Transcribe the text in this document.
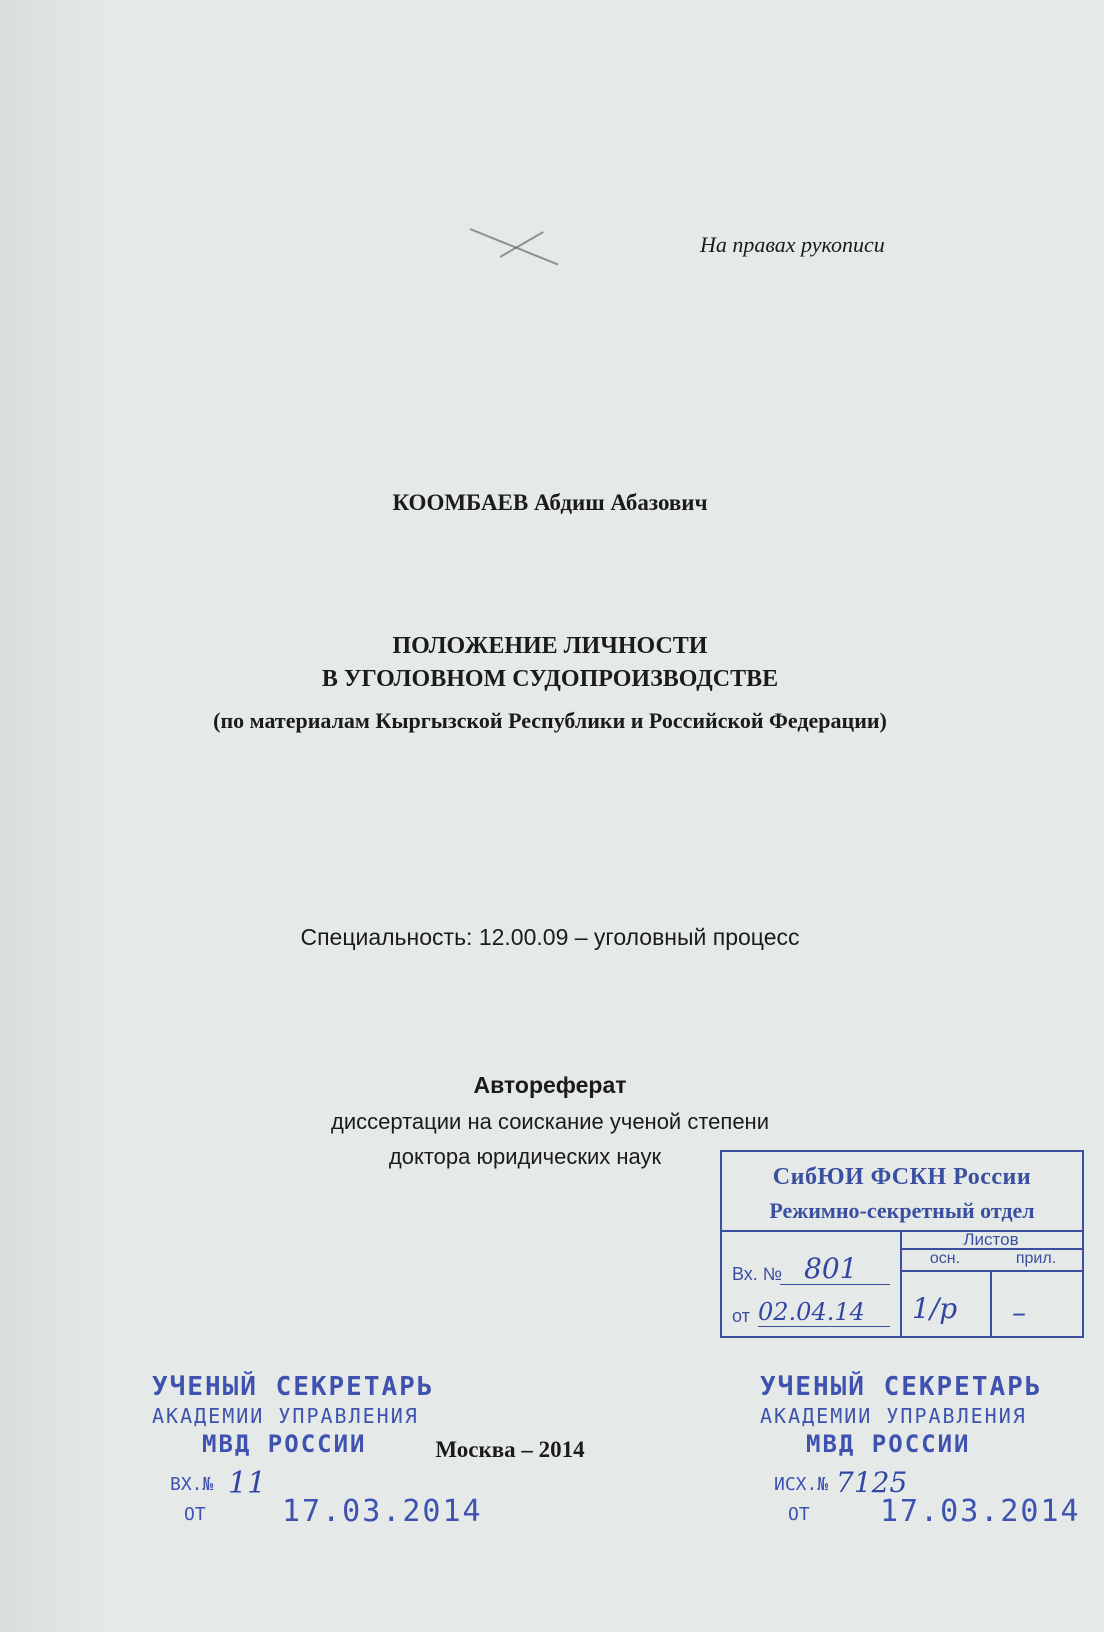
На правах рукописи
КООМБАЕВ Абдиш Абазович
ПОЛОЖЕНИЕ ЛИЧНОСТИ
В УГОЛОВНОМ СУДОПРОИЗВОДСТВЕ
(по материалам Кыргызской Республики и Российской Федерации)
Специальность: 12.00.09 – уголовный процесс
Автореферат
диссертации на соискание ученой степени
доктора юридических наук
СибЮИ ФСКН России
Режимно-секретный отдел
Листов
осн.	прил.
Вх. №
от
801
02.04.14 1/р –
УЧЕНЫЙ СЕКРЕТАРЬ
АКАДЕМИИ УПРАВЛЕНИЯ
МВД РОССИИ
ВХ.№ 11
ОТ	17.03.2014
Москва – 2014
УЧЕНЫЙ СЕКРЕТАРЬ
АКАДЕМИИ УПРАВЛЕНИЯ
МВД РОССИИ
ИСХ.№ 7125
ОТ 17.03.2014
